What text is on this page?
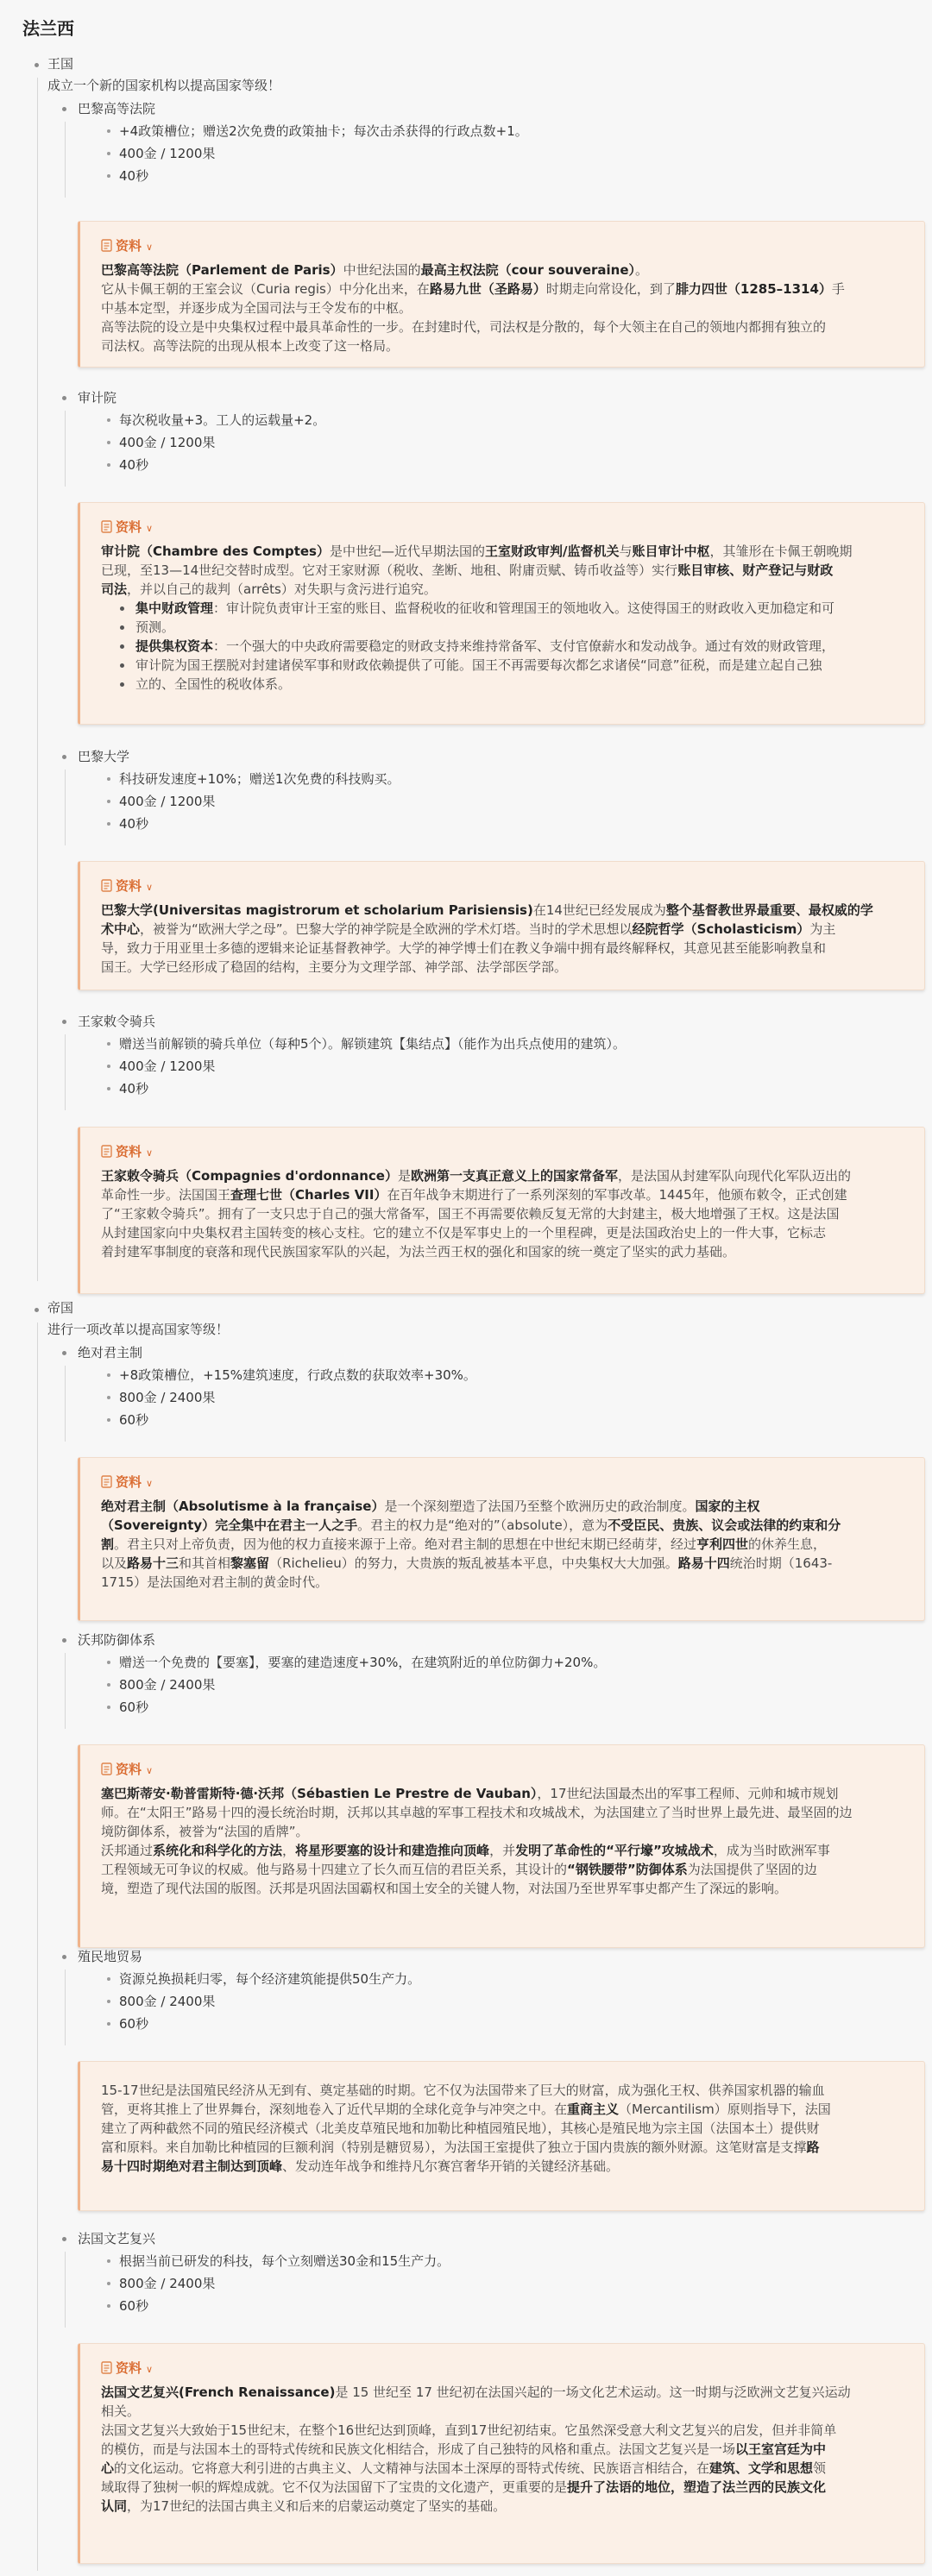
法兰西
王国
成立一个新的国家机构以提高国家等级！
巴黎高等法院
+4政策槽位；赠送2次免费的政策抽卡；每次击杀获得的行政点数+1。
400金 / 1200果
40秒
资料 ∨
巴黎高等法院（Parlement de Paris）中世纪法国的最高主权法院（cour souveraine）。
它从卡佩王朝的王室会议（Curia regis）中分化出来，在路易九世（圣路易）时期走向常设化，到了腓力四世（1285–1314）手
中基本定型，并逐步成为全国司法与王令发布的中枢。
高等法院的设立是中央集权过程中最具革命性的一步。在封建时代，司法权是分散的，每个大领主在自己的领地内都拥有独立的
司法权。高等法院的出现从根本上改变了这一格局。
审计院
每次税收量+3。工人的运载量+2。
400金 / 1200果
40秒
资料 ∨
审计院（Chambre des Comptes）是中世纪—近代早期法国的王室财政审判/监督机关与账目审计中枢，其雏形在卡佩王朝晚期
已现，至13—14世纪交替时成型。它对王家财源（税收、垄断、地租、附庸贡赋、铸币收益等）实行账目审核、财产登记与财政
司法，并以自己的裁判（arrêts）对失职与贪污进行追究。
集中财政管理：审计院负责审计王室的账目、监督税收的征收和管理国王的领地收入。这使得国王的财政收入更加稳定和可
预测。
提供集权资本：一个强大的中央政府需要稳定的财政支持来维持常备军、支付官僚薪水和发动战争。通过有效的财政管理，
审计院为国王摆脱对封建诸侯军事和财政依赖提供了可能。国王不再需要每次都乞求诸侯“同意”征税，而是建立起自己独
立的、全国性的税收体系。
巴黎大学
科技研发速度+10%；赠送1次免费的科技购买。
400金 / 1200果
40秒
资料 ∨
巴黎大学(Universitas magistrorum et scholarium Parisiensis)在14世纪已经发展成为整个基督教世界最重要、最权威的学
术中心，被誉为“欧洲大学之母”。巴黎大学的神学院是全欧洲的学术灯塔。当时的学术思想以经院哲学（Scholasticism）为主
导，致力于用亚里士多德的逻辑来论证基督教神学。大学的神学博士们在教义争端中拥有最终解释权，其意见甚至能影响教皇和
国王。大学已经形成了稳固的结构，主要分为文理学部、神学部、法学部医学部。
王家敕令骑兵
赠送当前解锁的骑兵单位（每种5个）。解锁建筑【集结点】（能作为出兵点使用的建筑）。
400金 / 1200果
40秒
资料 ∨
王家敕令骑兵（Compagnies d'ordonnance）是欧洲第一支真正意义上的国家常备军，是法国从封建军队向现代化军队迈出的
革命性一步。法国国王查理七世（Charles VII）在百年战争末期进行了一系列深刻的军事改革。1445年，他颁布敕令，正式创建
了“王家敕令骑兵”。拥有了一支只忠于自己的强大常备军，国王不再需要依赖反复无常的大封建主，极大地增强了王权。这是法国
从封建国家向中央集权君主国转变的核心支柱。它的建立不仅是军事史上的一个里程碑，更是法国政治史上的一件大事，它标志
着封建军事制度的衰落和现代民族国家军队的兴起，为法兰西王权的强化和国家的统一奠定了坚实的武力基础。
帝国
进行一项改革以提高国家等级！
绝对君主制
+8政策槽位，+15%建筑速度，行政点数的获取效率+30%。
800金 / 2400果
60秒
资料 ∨
绝对君主制（Absolutisme à la française）是一个深刻塑造了法国乃至整个欧洲历史的政治制度。国家的主权
（Sovereignty）完全集中在君主一人之手。君主的权力是“绝对的”（absolute），意为不受臣民、贵族、议会或法律的约束和分
割。君主只对上帝负责，因为他的权力直接来源于上帝。绝对君主制的思想在中世纪末期已经萌芽，经过亨利四世的休养生息，
以及路易十三和其首相黎塞留（Richelieu）的努力，大贵族的叛乱被基本平息，中央集权大大加强。路易十四统治时期（1643-
1715）是法国绝对君主制的黄金时代。
沃邦防御体系
赠送一个免费的【要塞】，要塞的建造速度+30%，在建筑附近的单位防御力+20%。
800金 / 2400果
60秒
资料 ∨
塞巴斯蒂安·勒普雷斯特·德·沃邦（Sébastien Le Prestre de Vauban），17世纪法国最杰出的军事工程师、元帅和城市规划
师。在“太阳王”路易十四的漫长统治时期，沃邦以其卓越的军事工程技术和攻城战术，为法国建立了当时世界上最先进、最坚固的边
境防御体系，被誉为“法国的盾牌”。
沃邦通过系统化和科学化的方法，将星形要塞的设计和建造推向顶峰，并发明了革命性的“平行壕”攻城战术，成为当时欧洲军事
工程领域无可争议的权威。他与路易十四建立了长久而互信的君臣关系，其设计的“钢铁腰带”防御体系为法国提供了坚固的边
境，塑造了现代法国的版图。沃邦是巩固法国霸权和国土安全的关键人物，对法国乃至世界军事史都产生了深远的影响。
殖民地贸易
资源兑换损耗归零，每个经济建筑能提供50生产力。
800金 / 2400果
60秒
15-17世纪是法国殖民经济从无到有、奠定基础的时期。它不仅为法国带来了巨大的财富，成为强化王权、供养国家机器的输血
管，更将其推上了世界舞台，深刻地卷入了近代早期的全球化竞争与冲突之中。在重商主义（Mercantilism）原则指导下，法国
建立了两种截然不同的殖民经济模式（北美皮草殖民地和加勒比种植园殖民地），其核心是殖民地为宗主国（法国本土）提供财
富和原料。来自加勒比种植园的巨额利润（特别是糖贸易），为法国王室提供了独立于国内贵族的额外财源。这笔财富是支撑路
易十四时期绝对君主制达到顶峰、发动连年战争和维持凡尔赛宫奢华开销的关键经济基础。
法国文艺复兴
根据当前已研发的科技，每个立刻赠送30金和15生产力。
800金 / 2400果
60秒
资料 ∨
法国文艺复兴(French Renaissance)是 15 世纪至 17 世纪初在法国兴起的一场文化艺术运动。这一时期与泛欧洲文艺复兴运动
相关。
法国文艺复兴大致始于15世纪末，在整个16世纪达到顶峰，直到17世纪初结束。它虽然深受意大利文艺复兴的启发，但并非简单
的模仿，而是与法国本土的哥特式传统和民族文化相结合，形成了自己独特的风格和重点。法国文艺复兴是一场以王室宫廷为中
心的文化运动。它将意大利引进的古典主义、人文精神与法国本土深厚的哥特式传统、民族语言相结合，在建筑、文学和思想领
域取得了独树一帜的辉煌成就。它不仅为法国留下了宝贵的文化遗产，更重要的是提升了法语的地位，塑造了法兰西的民族文化
认同，为17世纪的法国古典主义和后来的启蒙运动奠定了坚实的基础。
